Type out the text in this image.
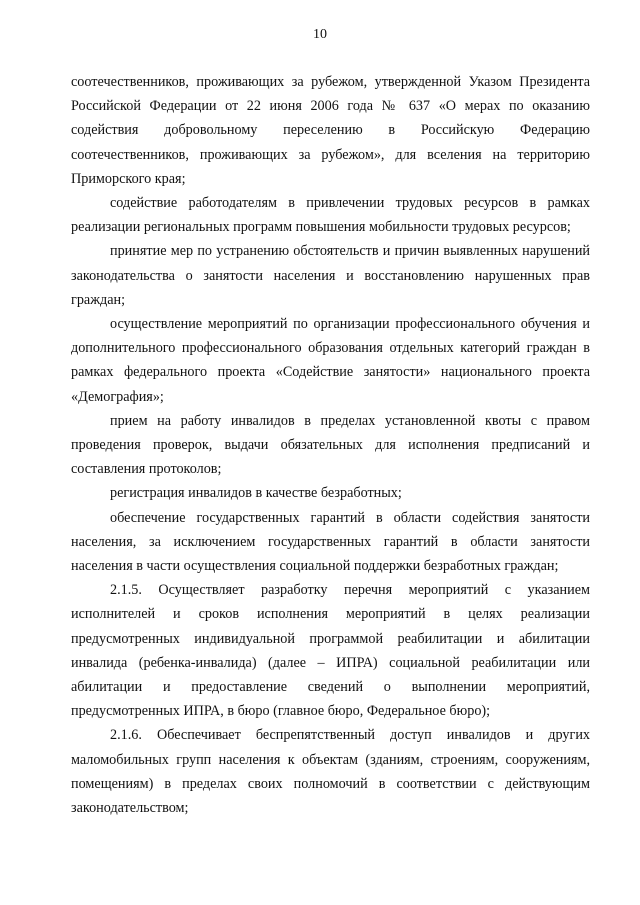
10

соотечественников, проживающих за рубежом, утвержденной Указом Президента Российской Федерации от 22 июня 2006 года № 637 «О мерах по оказанию содействия добровольному переселению в Российскую Федерацию соотечественников, проживающих за рубежом», для вселения на территорию Приморского края;

содействие работодателям в привлечении трудовых ресурсов в рамках реализации региональных программ повышения мобильности трудовых ресурсов;

принятие мер по устранению обстоятельств и причин выявленных нарушений законодательства о занятости населения и восстановлению нарушенных прав граждан;

осуществление мероприятий по организации профессионального обучения и дополнительного профессионального образования отдельных категорий граждан в рамках федерального проекта «Содействие занятости» национального проекта «Демография»;

прием на работу инвалидов в пределах установленной квоты с правом проведения проверок, выдачи обязательных для исполнения предписаний и составления протоколов;

регистрация инвалидов в качестве безработных;

обеспечение государственных гарантий в области содействия занятости населения, за исключением государственных гарантий в области занятости населения в части осуществления социальной поддержки безработных граждан;

2.1.5. Осуществляет разработку перечня мероприятий с указанием исполнителей и сроков исполнения мероприятий в целях реализации предусмотренных индивидуальной программой реабилитации и абилитации инвалида (ребенка-инвалида) (далее – ИПРА) социальной реабилитации или абилитации и предоставление сведений о выполнении мероприятий, предусмотренных ИПРА, в бюро (главное бюро, Федеральное бюро);

2.1.6. Обеспечивает беспрепятственный доступ инвалидов и других маломобильных групп населения к объектам (зданиям, строениям, сооружениям, помещениям) в пределах своих полномочий в соответствии с действующим законодательством;
